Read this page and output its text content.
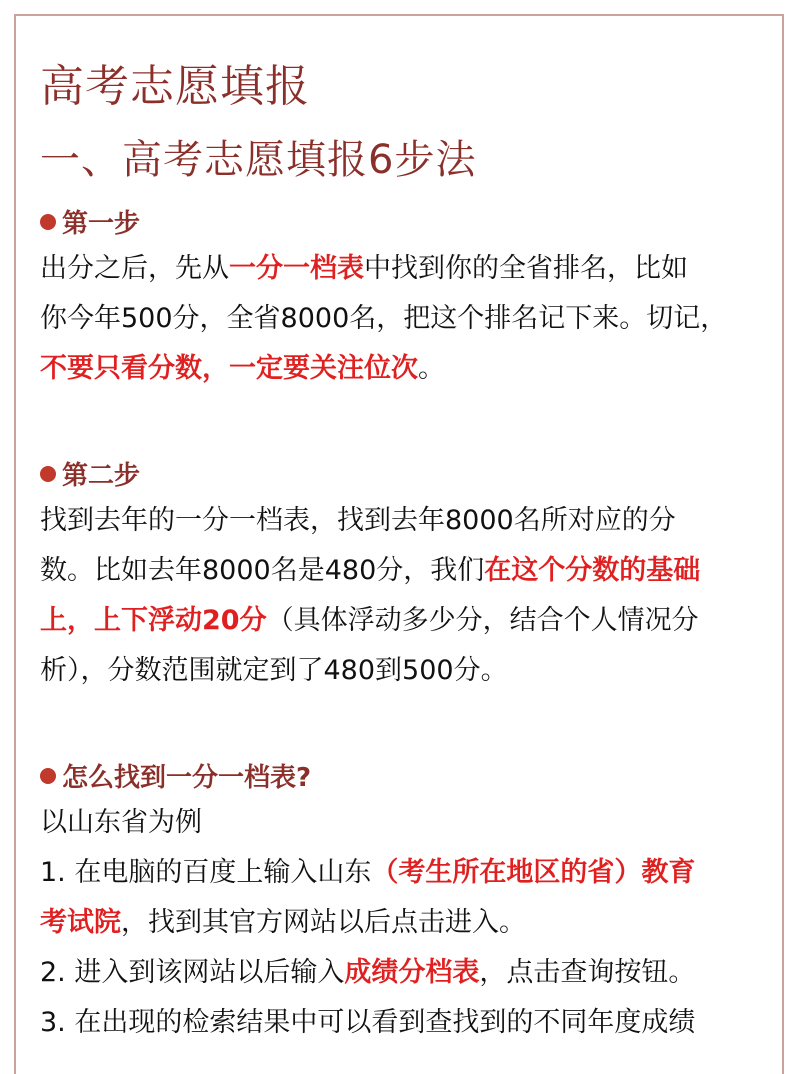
高考志愿填报
一、高考志愿填报6步法
第一步

出分之后，先从一分一档表中找到你的全省排名，比如

你今年500分，全省8000名，把这个排名记下来。切记，

不要只看分数，一定要关注位次。

第二步

找到去年的一分一档表，找到去年8000名所对应的分

数。比如去年8000名是480分，我们在这个分数的基础

上，上下浮动20分（具体浮动多少分，结合个人情况分

析），分数范围就定到了480到500分。

怎么找到一分一档表?

以山东省为例

1. 在电脑的百度上输入山东（考生所在地区的省）教育

考试院，找到其官方网站以后点击进入。

2. 进入到该网站以后输入成绩分档表，点击查询按钮。

3. 在出现的检索结果中可以看到查找到的不同年度成绩
